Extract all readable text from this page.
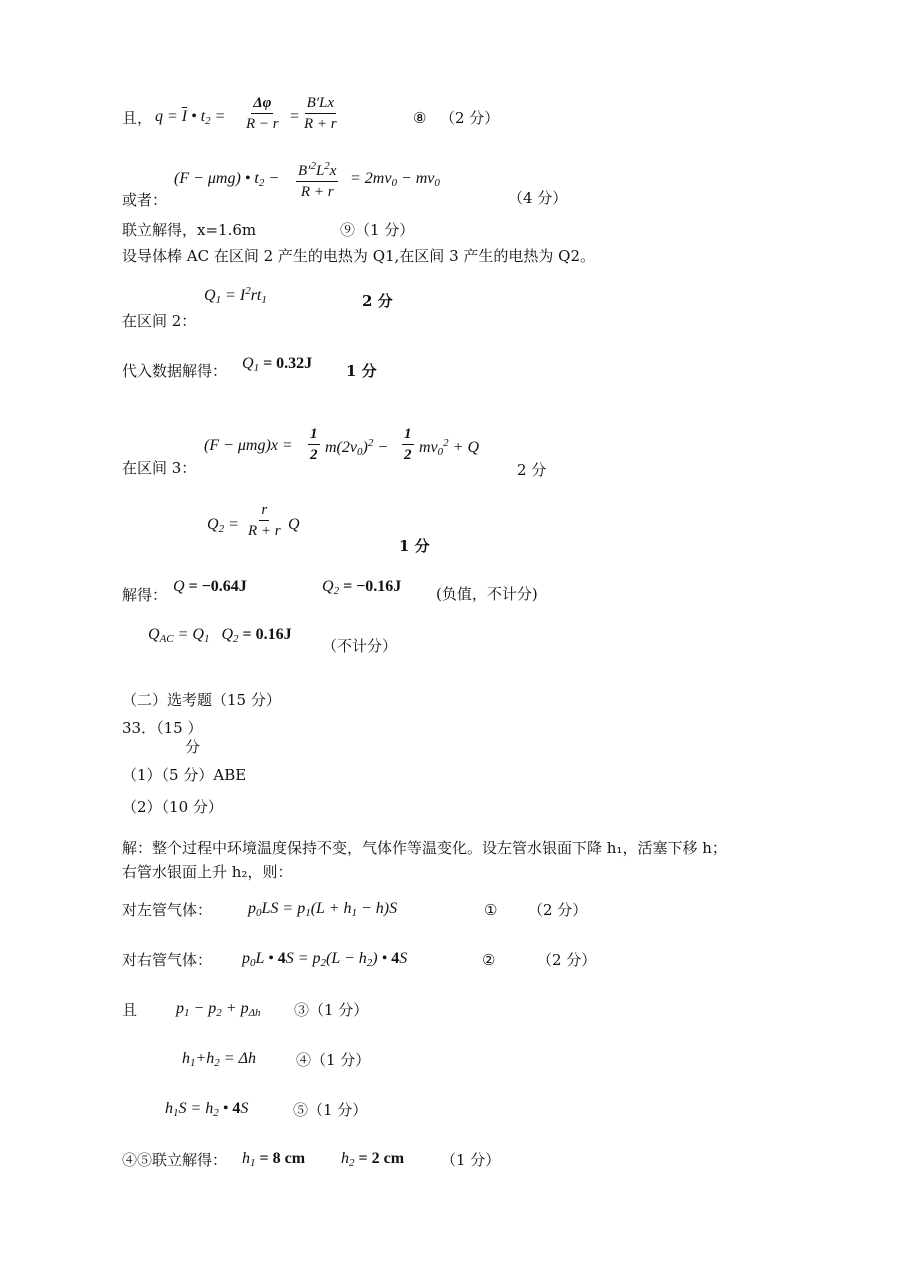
且， $q = \overline{I}$ • $t_2 = \frac{\Delta\varphi}{R - r} = \frac{B'Lx}{R + r}$	⑧ （2 分）
(F − μmg) • $t_2 - \frac{B'^2L^2x}{R + r} = 2mv_0 - mv_0$
或者：	（4 分）
联立解得，x=1.6m	⑨（1 分）
设导体棒 AC 在区间 2 产生的电热为 Q1,在区间 3 产生的电热为 Q2。
$Q_1 = I^2rt_1$	2 分
在区间 2：
代入数据解得： $Q_1 = 0.32J$ 1 分
$(F - \mu mg)x = \frac{1}{2} m(2v_0)^2 - \frac{1}{2} mv_0^2 + Q$
在区间 3：	2 分
$Q_2 = \frac{r}{R + r}$ Q
1 分
解得： Q = −0.64J	$Q_2 = -0.16J$ (负值，不计分)
$Q_{AC} = Q_1$   $Q_2 = 0.16J$
（不计分）
（二）选考题（15 分）
33．（15 ）
分
（1）（5 分）ABE
（2）（10 分）
解：整个过程中环境温度保持不变，气体作等温变化。设左管水银面下降 h₁，活塞下移 h；
右管水银面上升 h₂，则：
对左管气体： $p_0LS = p_1(L + h_1 - h)S$	① （2 分）
对右管气体： $p_0L$ • $4S = p_2(L - h_2)$ • 4S	②	（2 分）
且 $p_1 - p_2 + p_{\Delta h}$ ③（1 分）
$h_1+h_2 = \Delta h$	④（1 分）
$h_1S = h_2$ • 4S	⑤（1 分）
④⑤联立解得： $h_1 = 8$ cm $h_2 = 2$ cm （1 分）
